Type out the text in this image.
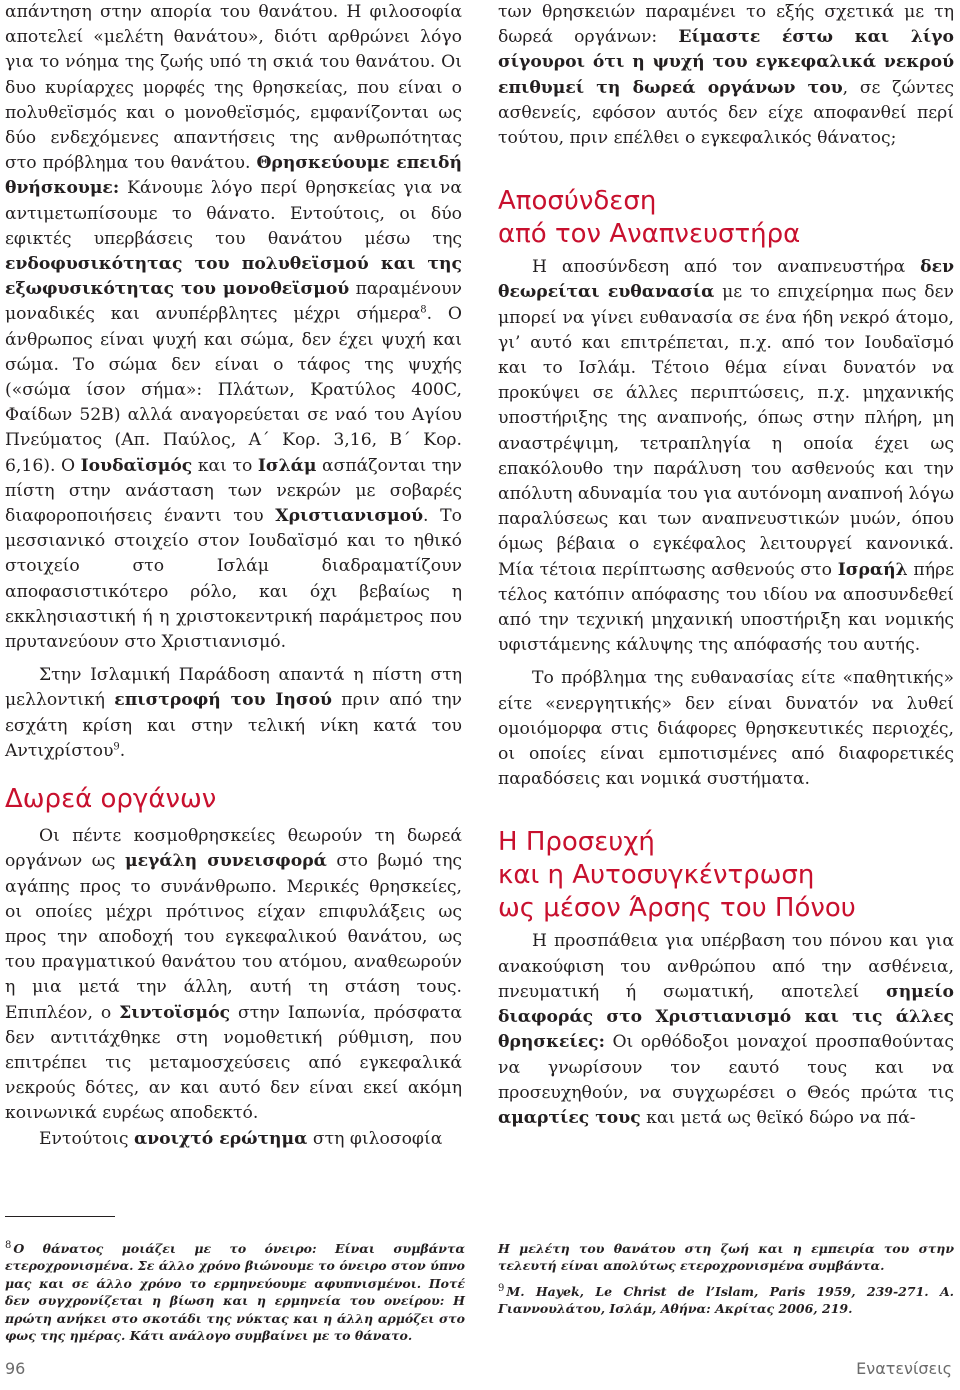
απάντηση στην απορία του θανάτου. Η φιλοσοφία αποτελεί «μελέτη θανάτου», διότι αρθρώνει λόγο για το νόημα της ζωής υπό τη σκιά του θανάτου. Οι δυο κυρίαρχες μορφές της θρησκείας, που είναι ο πολυθεϊσμός και ο μονοθεϊσμός, εμφανίζονται ως δύο ενδεχόμενες απαντήσεις της ανθρωπότητας στο πρόβλημα του θανάτου. Θρησκεύουμε επειδή θνήσκουμε: Κάνουμε λόγο περί θρησκείας για να αντιμετωπίσουμε το θάνατο. Εντούτοις, οι δύο εφικτές υπερβάσεις του θανάτου μέσω της ενδοφυσικότητας του πολυθεϊσμού και της εξωφυσικότητας του μονοθεϊσμού παραμένουν μοναδικές και ανυπέρβλητες μέχρι σήμερα$^8$. Ο άνθρωπος είναι ψυχή και σώμα, δεν έχει ψυχή και σώμα. Το σώμα δεν είναι ο τάφος της ψυχής («σώμα ίσον σήμα»: Πλάτων, Κρατύλος 400C, Φαίδων 52B) αλλά αναγορεύεται σε ναό του Αγίου Πνεύματος (Απ. Παύλος, Α΄ Κορ. 3,16, Β΄ Κορ. 6,16). Ο Ιουδαϊσμός και το Ισλάμ ασπάζονται την πίστη στην ανάσταση των νεκρών με σοβαρές διαφοροποιήσεις έναντι του Χριστιανισμού. Το μεσσιανικό στοιχείο στον Ιουδαϊσμό και το ηθικό στοιχείο στο Ισλάμ διαδραματίζουν αποφασιστικότερο ρόλο, και όχι βεβαίως η εκκλησιαστική ή η χριστοκεντρική παράμετρος που πρυτανεύουν στο Χριστιανισμό.

Στην Ισλαμική Παράδοση απαντά η πίστη στη μελλοντική επιστροφή του Ιησού πριν από την εσχάτη κρίση και στην τελική νίκη κατά του Αντιχρίστου$^9$.

Δωρεά οργάνων

Οι πέντε κοσμοθρησκείες θεωρούν τη δωρεά οργάνων ως μεγάλη συνεισφορά στο βωμό της αγάπης προς το συνάνθρωπο. Μερικές θρησκείες, οι οποίες μέχρι πρότινος είχαν επιφυλάξεις ως προς την αποδοχή του εγκεφαλικού θανάτου, ως του πραγματικού θανάτου του ατόμου, αναθεωρούν η μια μετά την άλλη, αυτή τη στάση τους. Επιπλέον, ο Σιντοϊσμός στην Ιαπωνία, πρόσφατα δεν αντιτάχθηκε στη νομοθετική ρύθμιση, που επιτρέπει τις μεταμοσχεύσεις από εγκεφαλικά νεκρούς δότες, αν και αυτό δεν είναι εκεί ακόμη κοινωνικά ευρέως αποδεκτό.

Εντούτοις ανοιχτό ερώτημα στη φιλοσοφία

των θρησκειών παραμένει το εξής σχετικά με τη δωρεά οργάνων: Είμαστε έστω και λίγο σίγουροι ότι η ψυχή του εγκεφαλικά νεκρού επιθυμεί τη δωρεά οργάνων του, σε ζώντες ασθενείς, εφόσον αυτός δεν είχε αποφανθεί περί τούτου, πριν επέλθει ο εγκεφαλικός θάνατος;

Αποσύνδεση
από τον Αναπνευστήρα

Η αποσύνδεση από τον αναπνευστήρα δεν θεωρείται ευθανασία με το επιχείρημα πως δεν μπορεί να γίνει ευθανασία σε ένα ήδη νεκρό άτομο, γι’ αυτό και επιτρέπεται, π.χ. από τον Ιουδαϊσμό και το Ισλάμ. Τέτοιο θέμα είναι δυνατόν να προκύψει σε άλλες περιπτώσεις, π.χ. μηχανικής υποστήριξης της αναπνοής, όπως στην πλήρη, μη αναστρέψιμη, τετραπληγία η οποία έχει ως επακόλουθο την παράλυση του ασθενούς και την απόλυτη αδυναμία του για αυτόνομη αναπνοή λόγω παραλύσεως και των αναπνευστικών μυών, όπου όμως βέβαια ο εγκέφαλος λειτουργεί κανονικά. Μία τέτοια περίπτωσης ασθενούς στο Ισραήλ πήρε τέλος κατόπιν απόφασης του ιδίου να αποσυνδεθεί από την τεχνική μηχανική υποστήριξη και νομικής υφιστάμενης κάλυψης της απόφασής του αυτής.

Το πρόβλημα της ευθανασίας είτε «παθητικής» είτε «ενεργητικής» δεν είναι δυνατόν να λυθεί ομοιόμορφα στις διάφορες θρησκευτικές περιοχές, οι οποίες είναι εμποτισμένες από διαφορετικές παραδόσεις και νομικά συστήματα.

Η Προσευχή
και η Αυτοσυγκέντρωση
ως μέσον Άρσης του Πόνου

Η προσπάθεια για υπέρβαση του πόνου και για ανακούφιση του ανθρώπου από την ασθένεια, πνευματική ή σωματική, αποτελεί σημείο διαφοράς στο Χριστιανισμό και τις άλλες θρησκείες: Οι ορθόδοξοι μοναχοί προσπαθούντας να γνωρίσουν τον εαυτό τους και να προσευχηθούν, να συγχωρέσει ο Θεός πρώτα τις αμαρτίες τους και μετά ως θεϊκό δώρο να πά-

$^8$ Ο θάνατος μοιάζει με το όνειρο: Είναι συμβάντα ετεροχρονισμένα. Σε άλλο χρόνο βιώνουμε το όνειρο στον ύπνο μας και σε άλλο χρόνο το ερμηνεύουμε αφυπνισμένοι. Ποτέ δεν συγχρονίζεται η βίωση και η ερμηνεία του ονείρου: Η πρώτη ανήκει στο σκοτάδι της νύκτας και η άλλη αρμόζει στο φως της ημέρας. Κάτι ανάλογο συμβαίνει με το θάνατο.

Η μελέτη του θανάτου στη ζωή και η εμπειρία του στην τελευτή είναι απολύτως ετεροχρονισμένα συμβάντα.

$^9$ M. Hayek, Le Christ de l’Islam, Paris 1959, 239-271. Α. Γιαννουλάτου, Ισλάμ, Αθήνα: Ακρίτας 2006, 219.

96	Ενατενίσεις
